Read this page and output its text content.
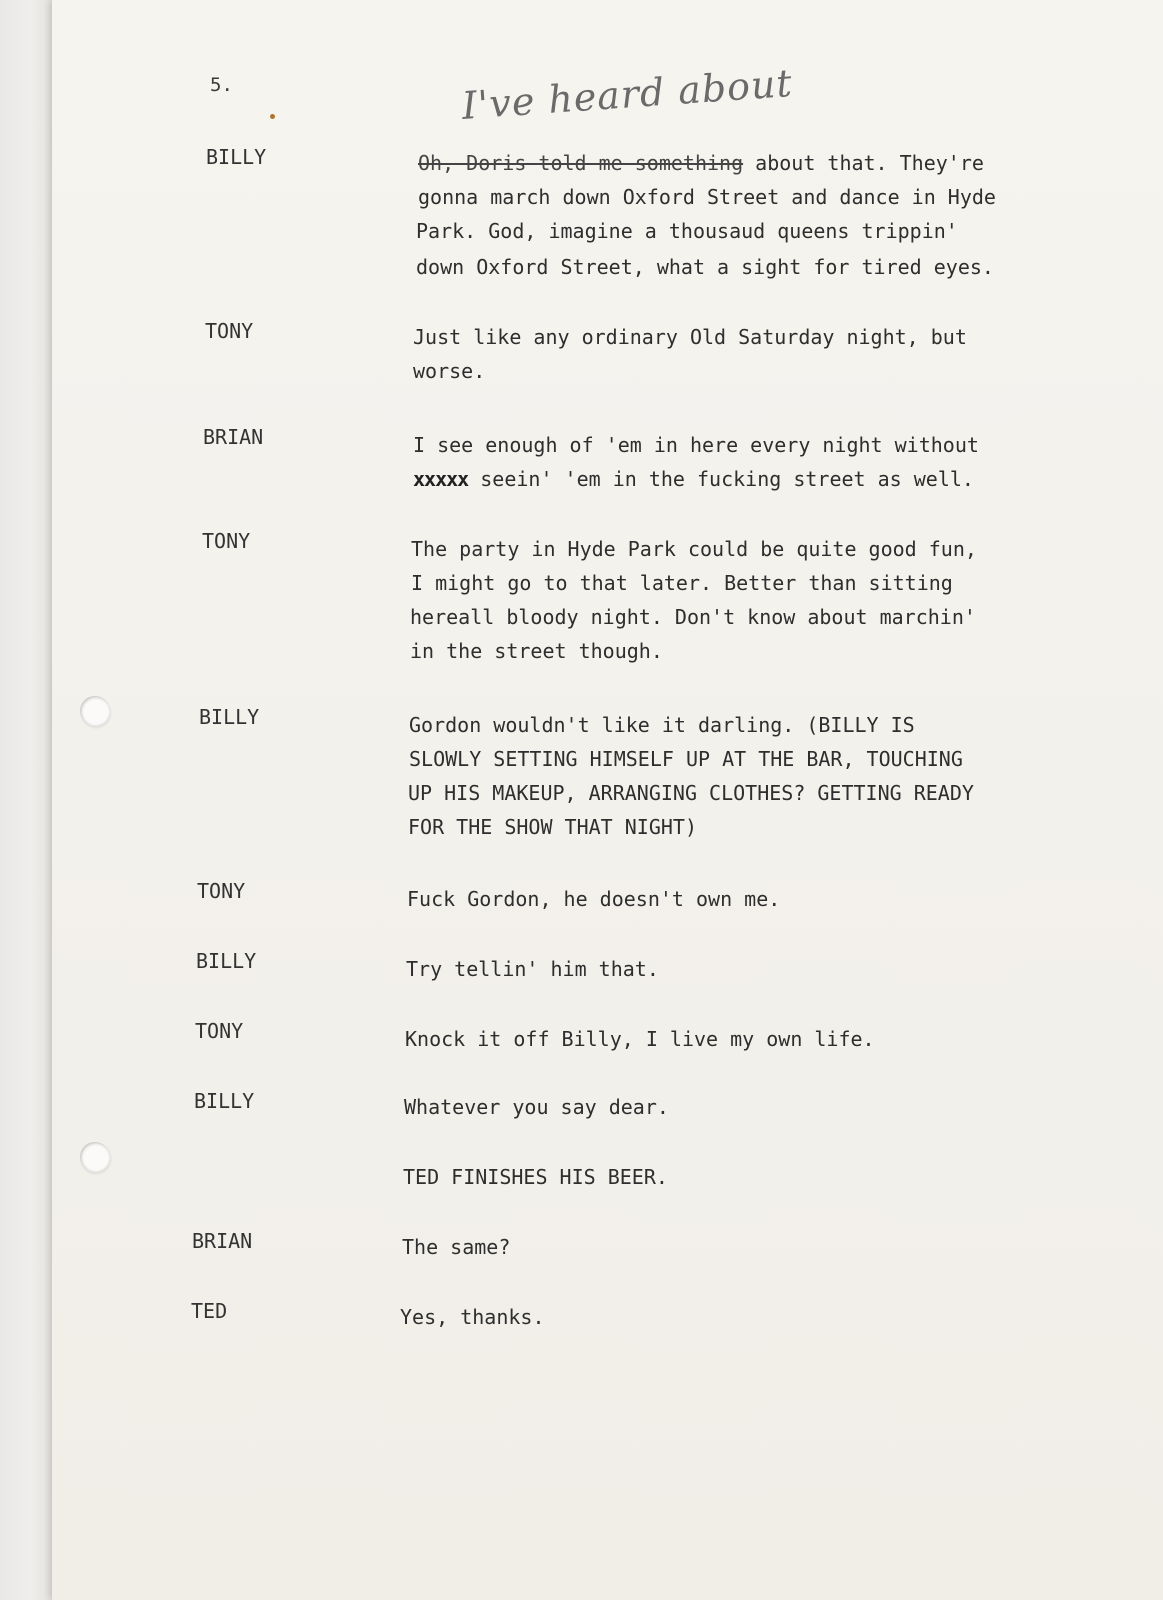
5.	I've heard about
BILLY	Oh, Doris told me something about that. They're
gonna march down Oxford Street and dance in Hyde
Park. God, imagine a thousaud queens trippin'
down Oxford Street, what a sight for tired eyes.
TONY	Just like any ordinary Old Saturday night, but
worse.
BRIAN	I see enough of 'em in here every night without
xxxxx seein' 'em in the fucking street as well.
TONY	The party in Hyde Park could be quite good fun,
I might go to that later. Better than sitting
hereall bloody night. Don't know about marchin'
in the street though.
BILLY	Gordon wouldn't like it darling. (BILLY IS
SLOWLY SETTING HIMSELF UP AT THE BAR, TOUCHING
UP HIS MAKEUP, ARRANGING CLOTHES? GETTING READY
FOR THE SHOW THAT NIGHT)
TONY	Fuck Gordon, he doesn't own me.
BILLY	Try tellin' him that.
TONY	Knock it off Billy, I live my own life.
BILLY	Whatever you say dear.
TED FINISHES HIS BEER.
BRIAN	The same?
TED	Yes, thanks.
